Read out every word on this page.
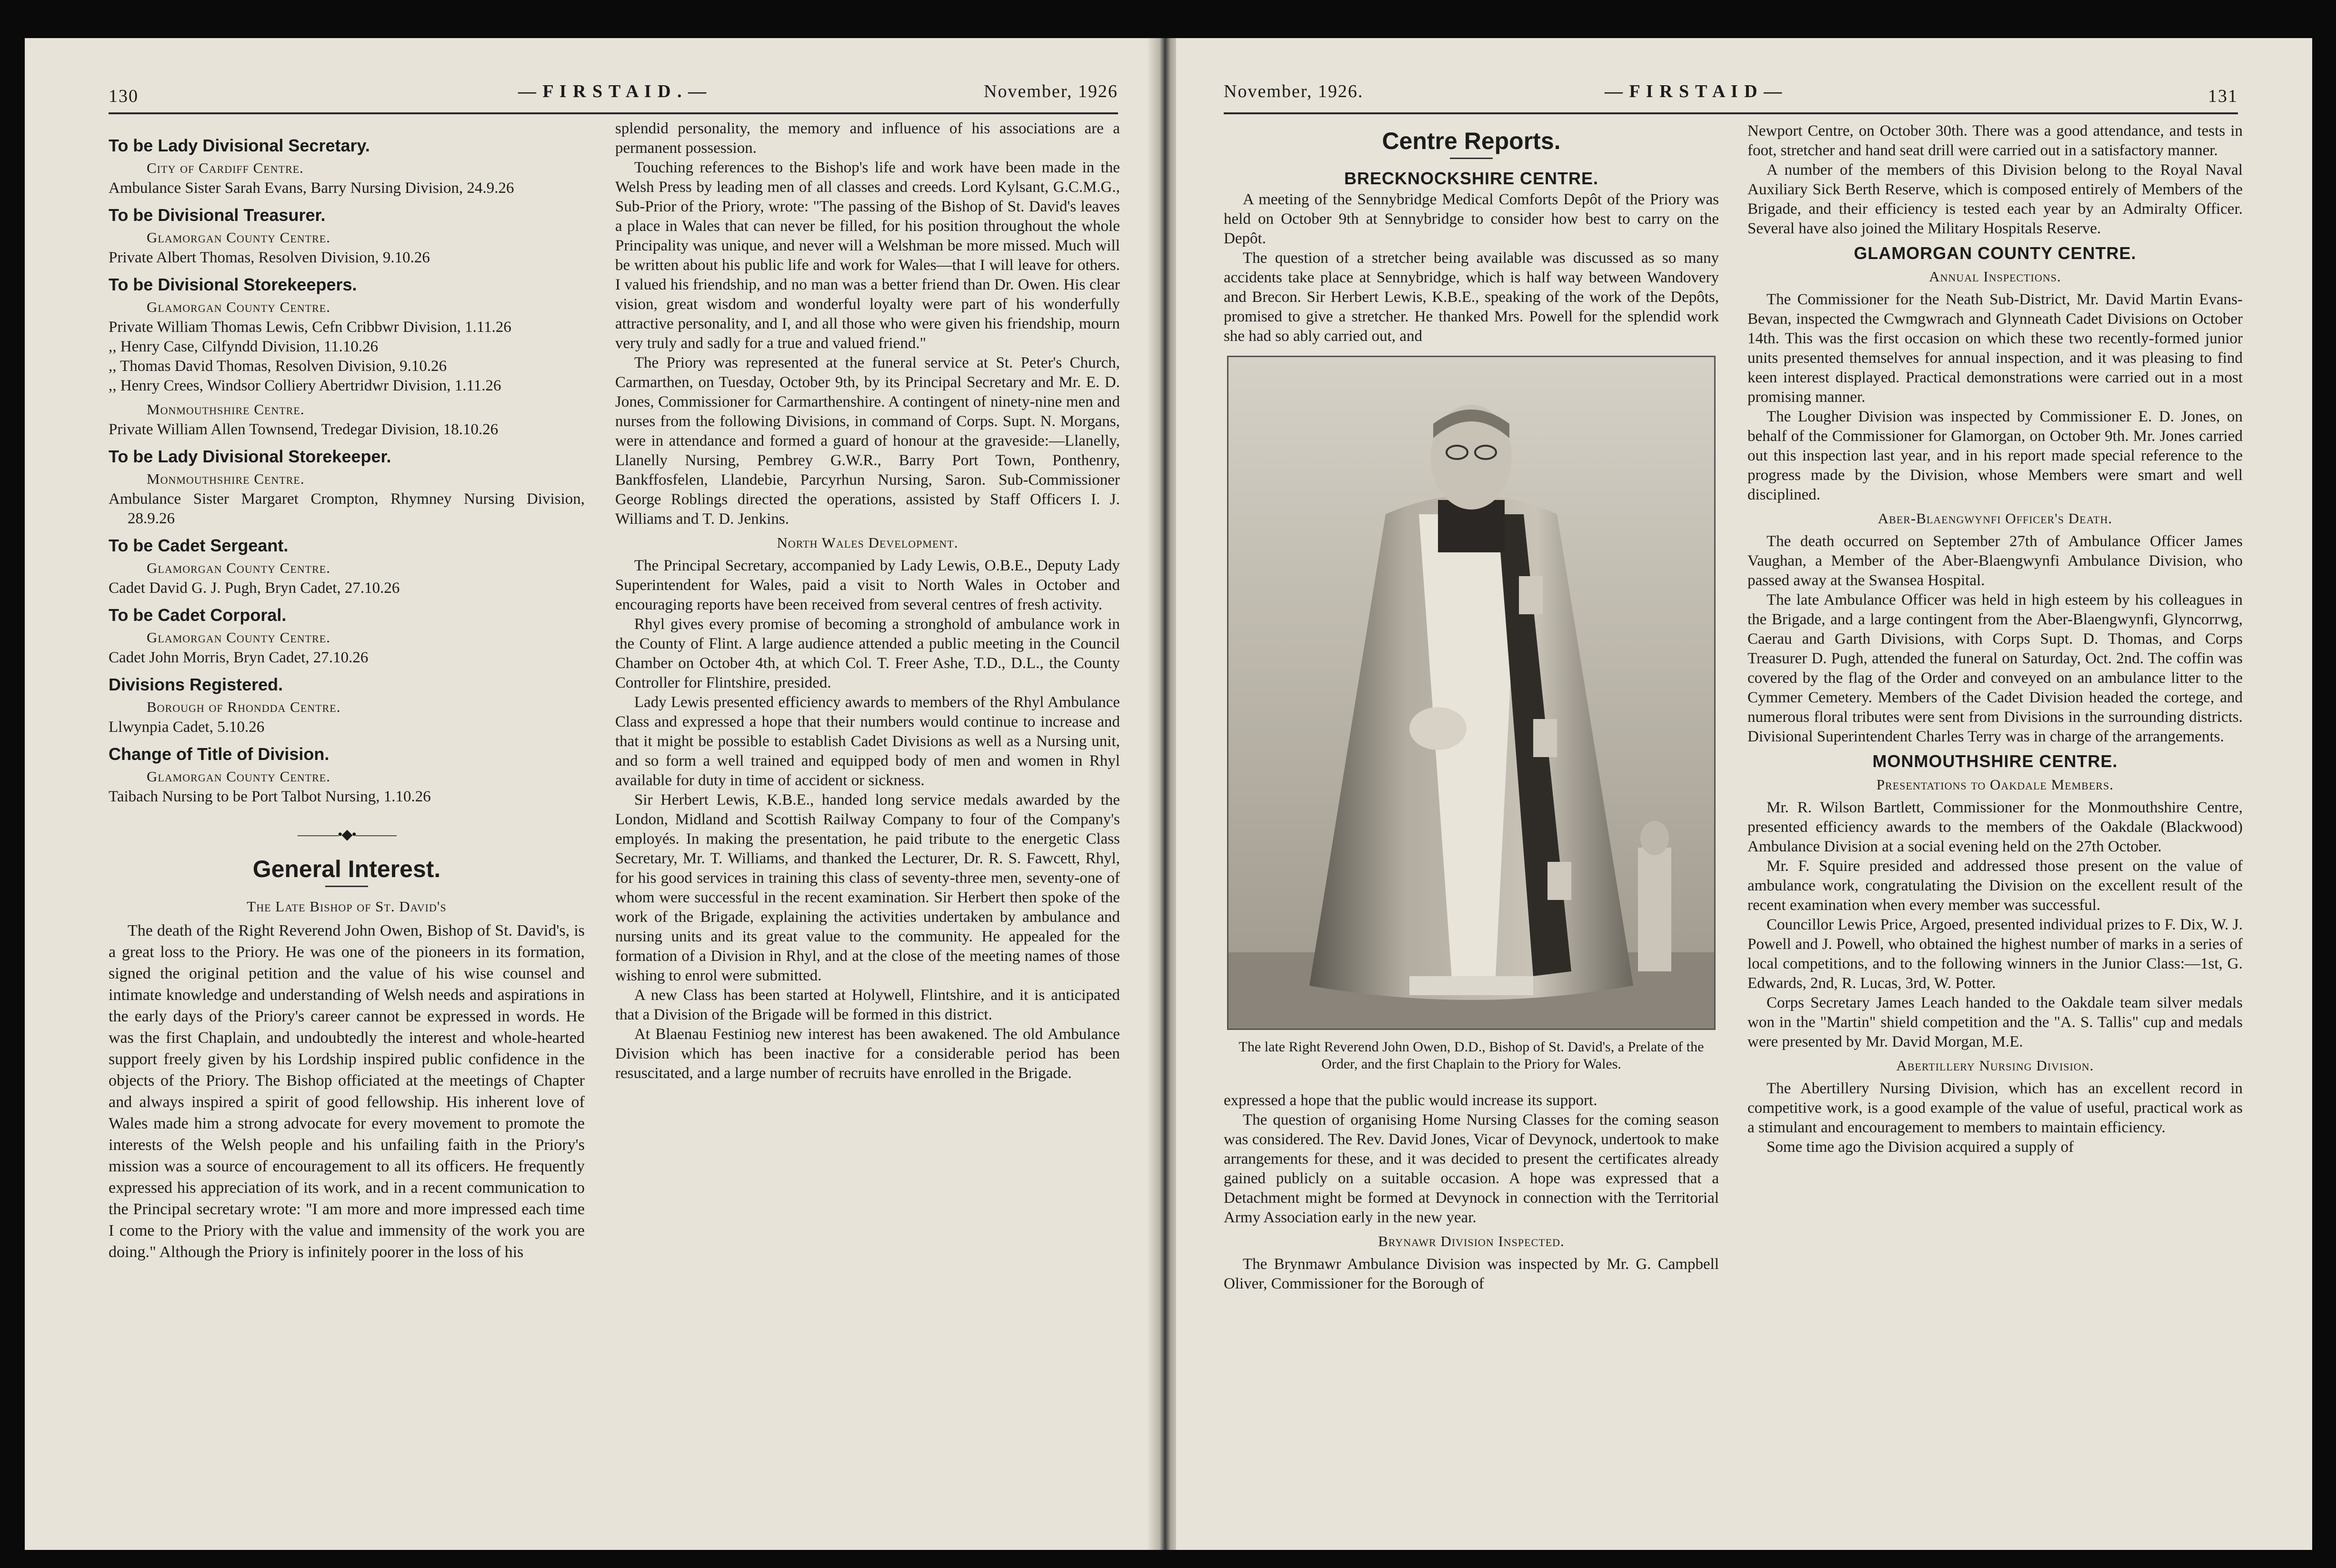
130	— F I R S T A I D . —	November, 1926
To be Lady Divisional Secretary.
City of Cardiff Centre.

Ambulance Sister Sarah Evans, Barry Nursing Division, 24.9.26

To be Divisional Treasurer.
Glamorgan County Centre.

Private Albert Thomas, Resolven Division, 9.10.26

To be Divisional Storekeepers.
Glamorgan County Centre.

Private William Thomas Lewis, Cefn Cribbwr Division, 1.11.26

,, Henry Case, Cilfyndd Division, 11.10.26

,, Thomas David Thomas, Resolven Division, 9.10.26

,, Henry Crees, Windsor Colliery Abertridwr Division, 1.11.26

Monmouthshire Centre.

Private William Allen Townsend, Tredegar Division, 18.10.26

To be Lady Divisional Storekeeper.
Monmouthshire Centre.

Ambulance Sister Margaret Crompton, Rhymney Nursing Division, 28.9.26

To be Cadet Sergeant.
Glamorgan County Centre.

Cadet David G. J. Pugh, Bryn Cadet, 27.10.26

To be Cadet Corporal.
Glamorgan County Centre.

Cadet John Morris, Bryn Cadet, 27.10.26

Divisions Registered.
Borough of Rhondda Centre.

Llwynpia Cadet, 5.10.26

Change of Title of Division.
Glamorgan County Centre.

Taibach Nursing to be Port Talbot Nursing, 1.10.26

———•◆•———
General Interest.
The Late Bishop of St. David's

The death of the Right Reverend John Owen, Bishop of St. David's, is a great loss to the Priory. He was one of the pioneers in its formation, signed the original petition and the value of his wise counsel and intimate knowledge and understanding of Welsh needs and aspirations in the early days of the Priory's career cannot be expressed in words. He was the first Chaplain, and undoubtedly the interest and whole-hearted support freely given by his Lordship inspired public confidence in the objects of the Priory. The Bishop officiated at the meetings of Chapter and always inspired a spirit of good fellowship. His inherent love of Wales made him a strong advocate for every movement to promote the interests of the Welsh people and his unfailing faith in the Priory's mission was a source of encouragement to all its officers. He frequently expressed his appreciation of its work, and in a recent communication to the Principal secretary wrote: "I am more and more impressed each time I come to the Priory with the value and immensity of the work you are doing." Although the Priory is infinitely poorer in the loss of his

splendid personality, the memory and influence of his associations are a permanent possession.

Touching references to the Bishop's life and work have been made in the Welsh Press by leading men of all classes and creeds. Lord Kylsant, G.C.M.G., Sub-Prior of the Priory, wrote: "The passing of the Bishop of St. David's leaves a place in Wales that can never be filled, for his position throughout the whole Principality was unique, and never will a Welshman be more missed. Much will be written about his public life and work for Wales—that I will leave for others. I valued his friendship, and no man was a better friend than Dr. Owen. His clear vision, great wisdom and wonderful loyalty were part of his wonderfully attractive personality, and I, and all those who were given his friendship, mourn very truly and sadly for a true and valued friend."

The Priory was represented at the funeral service at St. Peter's Church, Carmarthen, on Tuesday, October 9th, by its Principal Secretary and Mr. E. D. Jones, Commissioner for Carmarthenshire. A contingent of ninety-nine men and nurses from the following Divisions, in command of Corps. Supt. N. Morgans, were in attendance and formed a guard of honour at the graveside:—Llanelly, Llanelly Nursing, Pembrey G.W.R., Barry Port Town, Ponthenry, Bankffosfelen, Llandebie, Parcyrhun Nursing, Saron. Sub-Commissioner George Roblings directed the operations, assisted by Staff Officers I. J. Williams and T. D. Jenkins.

North Wales Development.

The Principal Secretary, accompanied by Lady Lewis, O.B.E., Deputy Lady Superintendent for Wales, paid a visit to North Wales in October and encouraging reports have been received from several centres of fresh activity.

Rhyl gives every promise of becoming a stronghold of ambulance work in the County of Flint. A large audience attended a public meeting in the Council Chamber on October 4th, at which Col. T. Freer Ashe, T.D., D.L., the County Controller for Flintshire, presided.

Lady Lewis presented efficiency awards to members of the Rhyl Ambulance Class and expressed a hope that their numbers would continue to increase and that it might be possible to establish Cadet Divisions as well as a Nursing unit, and so form a well trained and equipped body of men and women in Rhyl available for duty in time of accident or sickness.

Sir Herbert Lewis, K.B.E., handed long service medals awarded by the London, Midland and Scottish Railway Company to four of the Company's employés. In making the presentation, he paid tribute to the energetic Class Secretary, Mr. T. Williams, and thanked the Lecturer, Dr. R. S. Fawcett, Rhyl, for his good services in training this class of seventy-three men, seventy-one of whom were successful in the recent examination. Sir Herbert then spoke of the work of the Brigade, explaining the activities undertaken by ambulance and nursing units and its great value to the community. He appealed for the formation of a Division in Rhyl, and at the close of the meeting names of those wishing to enrol were submitted.

A new Class has been started at Holywell, Flintshire, and it is anticipated that a Division of the Brigade will be formed in this district.

At Blaenau Festiniog new interest has been awakened. The old Ambulance Division which has been inactive for a considerable period has been resuscitated, and a large number of recruits have enrolled in the Brigade.

November, 1926.	— F I R S T A I D —	131
Centre Reports.
BRECKNOCKSHIRE CENTRE.

A meeting of the Sennybridge Medical Comforts Depôt of the Priory was held on October 9th at Sennybridge to consider how best to carry on the Depôt.

The question of a stretcher being available was discussed as so many accidents take place at Sennybridge, which is half way between Wandovery and Brecon. Sir Herbert Lewis, K.B.E., speaking of the work of the Depôts, promised to give a stretcher. He thanked Mrs. Powell for the splendid work she had so ably carried out, and

The late Right Reverend John Owen, D.D., Bishop of St. David's, a Prelate of the Order, and the first Chaplain to the Priory for Wales.

expressed a hope that the public would increase its support.

The question of organising Home Nursing Classes for the coming season was considered. The Rev. David Jones, Vicar of Devynock, undertook to make arrangements for these, and it was decided to present the certificates already gained publicly on a suitable occasion. A hope was expressed that a Detachment might be formed at Devynock in connection with the Territorial Army Association early in the new year.

Brynawr Division Inspected.

The Brynmawr Ambulance Division was inspected by Mr. G. Campbell Oliver, Commissioner for the Borough of

Newport Centre, on October 30th. There was a good attendance, and tests in foot, stretcher and hand seat drill were carried out in a satisfactory manner.

A number of the members of this Division belong to the Royal Naval Auxiliary Sick Berth Reserve, which is composed entirely of Members of the Brigade, and their efficiency is tested each year by an Admiralty Officer. Several have also joined the Military Hospitals Reserve.

GLAMORGAN COUNTY CENTRE.
Annual Inspections.

The Commissioner for the Neath Sub-District, Mr. David Martin Evans-Bevan, inspected the Cwmgwrach and Glynneath Cadet Divisions on October 14th. This was the first occasion on which these two recently-formed junior units presented themselves for annual inspection, and it was pleasing to find keen interest displayed. Practical demonstrations were carried out in a most promising manner.

The Lougher Division was inspected by Commissioner E. D. Jones, on behalf of the Commissioner for Glamorgan, on October 9th. Mr. Jones carried out this inspection last year, and in his report made special reference to the progress made by the Division, whose Members were smart and well disciplined.

Aber-Blaengwynfi Officer's Death.

The death occurred on September 27th of Ambulance Officer James Vaughan, a Member of the Aber-Blaengwynfi Ambulance Division, who passed away at the Swansea Hospital.

The late Ambulance Officer was held in high esteem by his colleagues in the Brigade, and a large contingent from the Aber-Blaengwynfi, Glyncorrwg, Caerau and Garth Divisions, with Corps Supt. D. Thomas, and Corps Treasurer D. Pugh, attended the funeral on Saturday, Oct. 2nd. The coffin was covered by the flag of the Order and conveyed on an ambulance litter to the Cymmer Cemetery. Members of the Cadet Division headed the cortege, and numerous floral tributes were sent from Divisions in the surrounding districts. Divisional Superintendent Charles Terry was in charge of the arrangements.

MONMOUTHSHIRE CENTRE.
Presentations to Oakdale Members.

Mr. R. Wilson Bartlett, Commissioner for the Monmouthshire Centre, presented efficiency awards to the members of the Oakdale (Blackwood) Ambulance Division at a social evening held on the 27th October.

Mr. F. Squire presided and addressed those present on the value of ambulance work, congratulating the Division on the excellent result of the recent examination when every member was successful.

Councillor Lewis Price, Argoed, presented individual prizes to F. Dix, W. J. Powell and J. Powell, who obtained the highest number of marks in a series of local competitions, and to the following winners in the Junior Class:—1st, G. Edwards, 2nd, R. Lucas, 3rd, W. Potter.

Corps Secretary James Leach handed to the Oakdale team silver medals won in the "Martin" shield competition and the "A. S. Tallis" cup and medals were presented by Mr. David Morgan, M.E.

Abertillery Nursing Division.

The Abertillery Nursing Division, which has an excellent record in competitive work, is a good example of the value of useful, practical work as a stimulant and encouragement to members to maintain efficiency.

Some time ago the Division acquired a supply of
